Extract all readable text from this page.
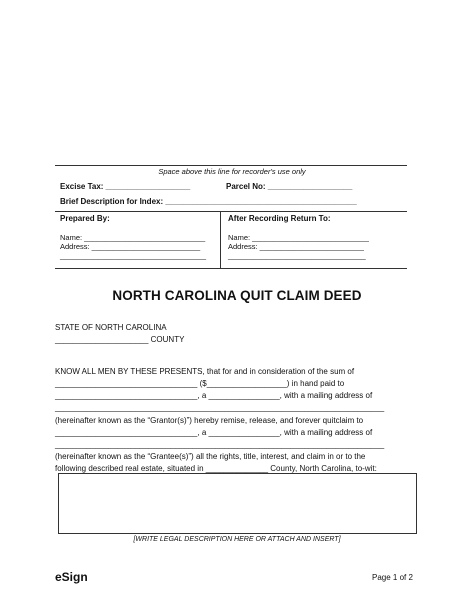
Space above this line for recorder's use only
Excise Tax: ___________________	Parcel No: ___________________
Brief Description for Index: ___________________________________________
Prepared By:
Name: _____________________________
Address: __________________________
___________________________________
After Recording Return To:
Name: ____________________________
Address: _________________________
_________________________________
NORTH CAROLINA QUIT CLAIM DEED
STATE OF NORTH CAROLINA
_____________________ COUNTY
KNOW ALL MEN BY THESE PRESENTS, that for and in consideration of the sum of
________________________________ ($__________________) in hand paid to
________________________________, a ________________, with a mailing address of
__________________________________________________________________________
(hereinafter known as the “Grantor(s)”) hereby remise, release, and forever quitclaim to
________________________________, a ________________, with a mailing address of
__________________________________________________________________________
(hereinafter known as the “Grantee(s)”) all the rights, title, interest, and claim in or to the
following described real estate, situated in ______________ County, North Carolina, to-wit:
[WRITE LEGAL DESCRIPTION HERE OR ATTACH AND INSERT]
eSign	Page 1 of 2
